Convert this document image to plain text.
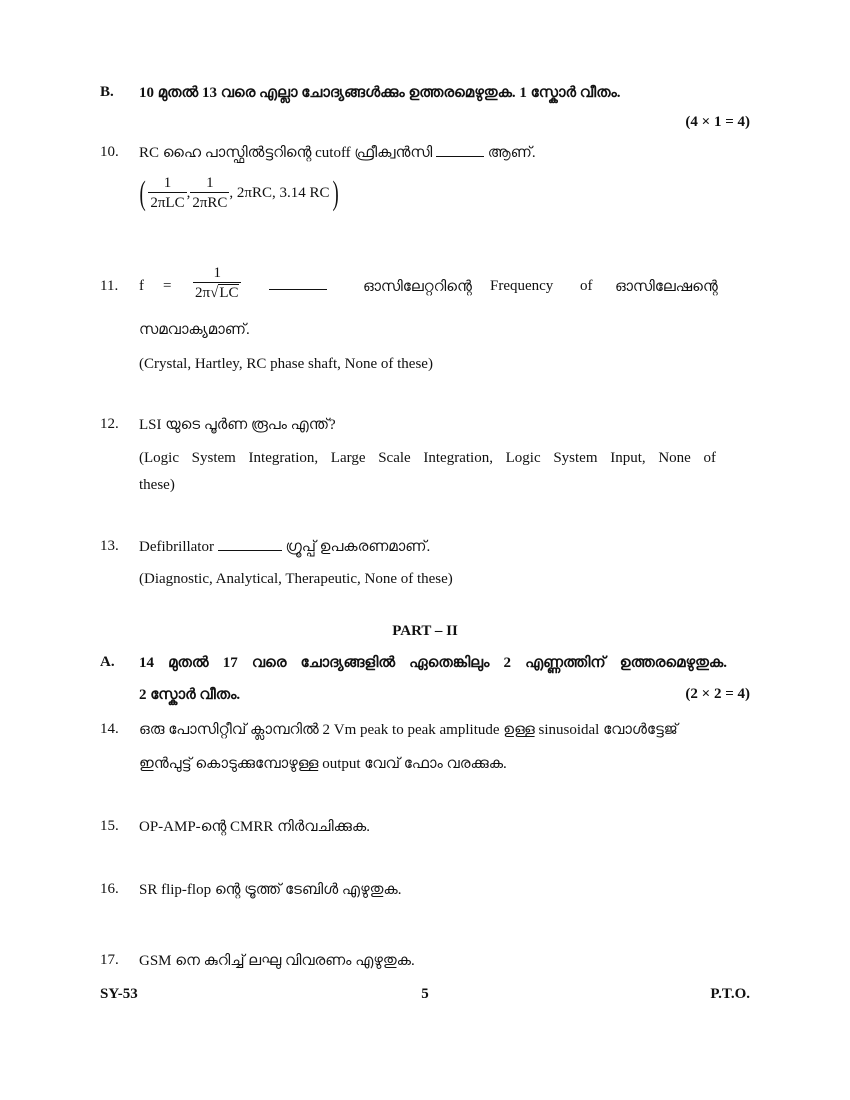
B. 10 മുതൽ 13 വരെ എല്ലാ ചോദ്യങ്ങൾക്കും ഉത്തരമെഴുതുക. 1 സ്കോർ വീതം.
(4 × 1 = 4)
10. RC ഹൈ പാസ്ഫിൽട്ടറിന്റെ cutoff ഫ്രീക്വൻസി	ആണ്.
( $\frac{1}{\text{2πLC}}$ , $\frac{1}{\text{2πRC}}$ , 2πRC, 3.14 RC)
11. $f = \frac{1}{2\pi√LC}$	ഓസിലേറ്ററിന്റെ Frequency of ഓസിലേഷന്റെ
സമവാക്യമാണ്.
(Crystal, Hartley, RC phase shaft, None of these)
12. LSI യുടെ പൂർണ രൂപം എന്ത്?
(Logic System Integration, Large Scale Integration, Logic System Input, None of
these)
13. Defibrillator	ഗ്രൂപ്പ് ഉപകരണമാണ്.
(Diagnostic, Analytical, Therapeutic, None of these)
PART – II
A. 14 മുതൽ 17 വരെ ചോദ്യങ്ങളിൽ ഏതെങ്കിലും 2 എണ്ണത്തിന് ഉത്തരമെഴുതുക.
2 സ്കോർ വീതം.	(2 × 2 = 4)
14. ഒരു പോസിറ്റീവ് ക്ലാമ്പറിൽ 2 Vm peak to peak amplitude ഉള്ള sinusoidal വോൾട്ടേജ്
ഇൻപുട്ട് കൊടുക്കുമ്പോഴുള്ള output വേവ് ഫോം വരക്കുക.
15. OP-AMP-ന്റെ CMRR നിർവചിക്കുക.
16. SR flip-flop ന്റെ ട്രൂത്ത് ടേബിൾ എഴുതുക.
17. GSM നെ കുറിച്ച് ലഘു വിവരണം എഴുതുക.
SY-53	5	P.T.O.
